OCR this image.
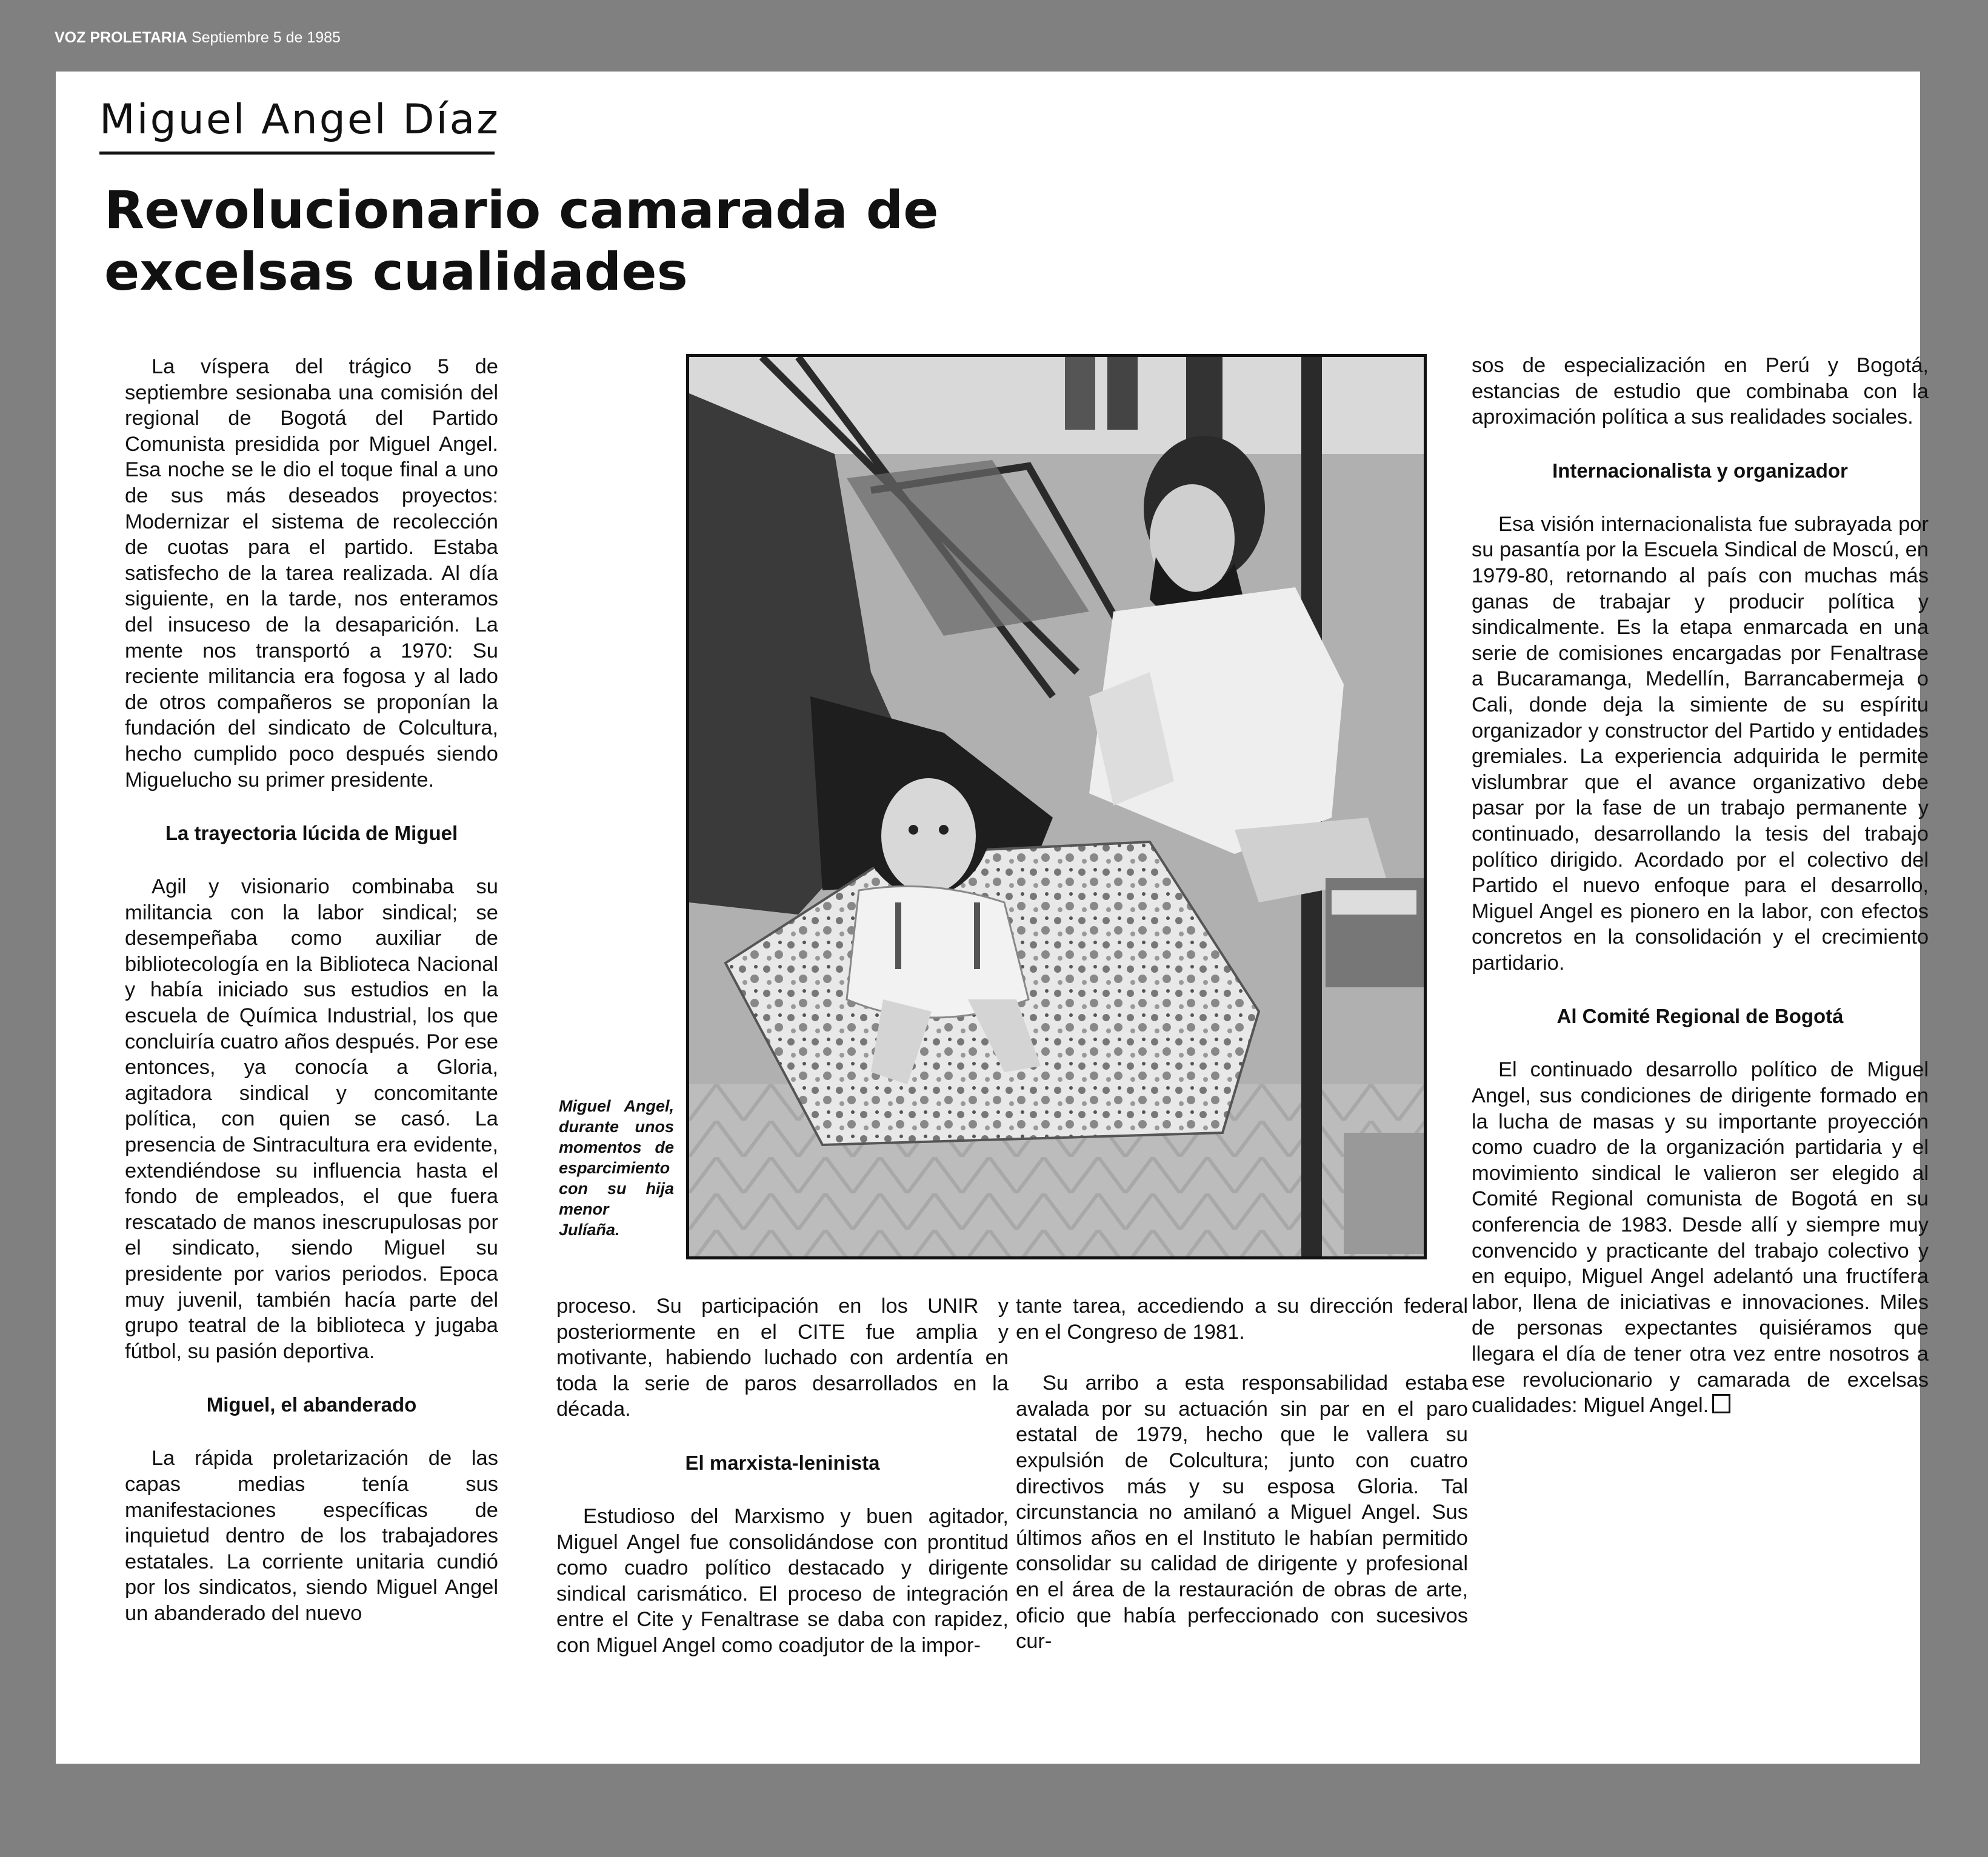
VOZ PROLETARIA Septiembre 5 de 1985
Miguel Angel Díaz
Revolucionario camarada de excelsas cualidades

La víspera del trágico 5 de septiembre sesionaba una comisión del regional de Bogotá del Partido Comunista presidida por Miguel Angel. Esa noche se le dio el toque final a uno de sus más deseados proyectos: Modernizar el sistema de recolección de cuotas para el partido. Estaba satisfecho de la tarea realizada. Al día siguiente, en la tarde, nos enteramos del insuceso de la desaparición. La mente nos transportó a 1970: Su reciente militancia era fogosa y al lado de otros compañeros se proponían la fundación del sindicato de Colcultura, hecho cumplido poco después siendo Miguelucho su primer presidente.

La trayectoria lúcida de Miguel

Agil y visionario combinaba su militancia con la labor sindical; se desempeñaba como auxiliar de bibliotecología en la Biblioteca Nacional y había iniciado sus estudios en la escuela de Química Industrial, los que concluiría cuatro años después. Por ese entonces, ya conocía a Gloria, agitadora sindical y concomitante política, con quien se casó. La presencia de Sintracultura era evidente, extendiéndose su influencia hasta el fondo de empleados, el que fuera rescatado de manos inescrupulosas por el sindicato, siendo Miguel su presidente por varios periodos. Epoca muy juvenil, también hacía parte del grupo teatral de la biblioteca y jugaba fútbol, su pasión deportiva.

Miguel, el abanderado

La rápida proletarización de las capas medias tenía sus manifestaciones específicas de inquietud dentro de los trabajadores estatales. La corriente unitaria cundió por los sindicatos, siendo Miguel Angel un abanderado del nuevo

Miguel Angel, durante unos momentos de esparcimiento con su hija menor Julíaña.

proceso. Su participación en los UNIR y posteriormente en el CITE fue amplia y motivante, habiendo luchado con ardentía en toda la serie de paros desarrollados en la década.

El marxista-leninista

Estudioso del Marxismo y buen agitador, Miguel Angel fue consolidándose con prontitud como cuadro político destacado y dirigente sindical carismático. El proceso de integración entre el Cite y Fenaltrase se daba con rapidez, con Miguel Angel como coadjutor de la impor-

tante tarea, accediendo a su dirección federal en el Congreso de 1981.

Su arribo a esta responsabilidad estaba avalada por su actuación sin par en el paro estatal de 1979, hecho que le vallera su expulsión de Colcultura; junto con cuatro directivos más y su esposa Gloria. Tal circunstancia no amilanó a Miguel Angel. Sus últimos años en el Instituto le habían permitido consolidar su calidad de dirigente y profesional en el área de la restauración de obras de arte, oficio que había perfeccionado con sucesivos cur-

sos de especialización en Perú y Bogotá, estancias de estudio que combinaba con la aproximación política a sus realidades sociales.

Internacionalista y organizador

Esa visión internacionalista fue subrayada por su pasantía por la Escuela Sindical de Moscú, en 1979-80, retornando al país con muchas más ganas de trabajar y producir política y sindicalmente. Es la etapa enmarcada en una serie de comisiones encargadas por Fenaltrase a Bucaramanga, Medellín, Barrancabermeja o Cali, donde deja la simiente de su espíritu organizador y constructor del Partido y entidades gremiales. La experiencia adquirida le permite vislumbrar que el avance organizativo debe pasar por la fase de un trabajo permanente y continuado, desarrollando la tesis del trabajo político dirigido. Acordado por el colectivo del Partido el nuevo enfoque para el desarrollo, Miguel Angel es pionero en la labor, con efectos concretos en la consolidación y el crecimiento partidario.

Al Comité Regional de Bogotá

El continuado desarrollo político de Miguel Angel, sus condiciones de dirigente formado en la lucha de masas y su importante proyección como cuadro de la organización partidaria y el movimiento sindical le valieron ser elegido al Comité Regional comunista de Bogotá en su conferencia de 1983. Desde allí y siempre muy convencido y practicante del trabajo colectivo y en equipo, Miguel Angel adelantó una fructífera labor, llena de iniciativas e innovaciones. Miles de personas expectantes quisiéramos que llegara el día de tener otra vez entre nosotros a ese revolucionario y camarada de excelsas cualidades: Miguel Angel.
